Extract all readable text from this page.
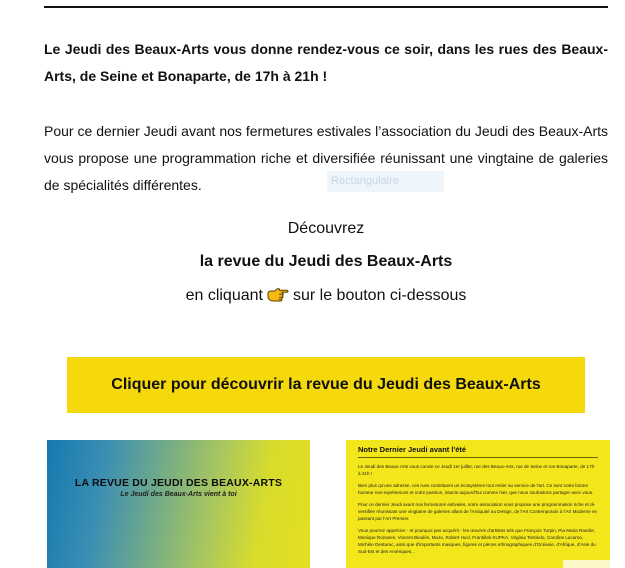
Le Jeudi des Beaux-Arts vous donne rendez-vous ce soir, dans les rues des Beaux-Arts, de Seine et Bonaparte, de 17h à 21h !

Pour ce dernier Jeudi avant nos fermetures estivales l’association du Jeudi des Beaux-Arts vous propose une programmation riche et diversifiée réunissant une vingtaine de galeries de spécialités différentes.	Rectangulaire

Découvrez

la revue du Jeudi des Beaux-Arts

en cliquant sur le bouton ci-dessous

Cliquer pour découvrir la revue du Jeudi des Beaux-Arts
LA REVUE DU JEUDI DES BEAUX-ARTS
Le Jeudi des Beaux-Arts vient à toi
Notre Dernier Jeudi avant l'été

Le Jeudi des Beaux-Arts vous convie ce Jeudi 1er juillet, rue des Beaux-Arts, rue de Seine et rue Bonaparte, de 17h à 21h !

Bien plus qu'une adresse, ces rues constituent un écosystème tout entier au service de l'art. Ce sont notre bonne humeur nos expériences et notre passion, intacts aujourd'hui comme hier, que nous souhaitons partager avec vous.

Pour ce dernier Jeudi avant nos fermetures estivales, notre association vous propose une programmation riche et di-versifiée réunissant une vingtaine de galeries allant de l'Antiquité au Design, de l'Art Contemporain à l'Art Moderne en passant par l'Art Premier.

Vous pourrez apprécier - et pourquoi pas acquérir - les œuvres d'artistes tels que François Turpin, Pia Maria Raeder, Monique Rozanes, Vincent Bioulès, Muzo, Robert Hucl, František KUPKA, Virginia Tentindo, Caroline Lacarno, Michèle Destarac, ainsi que d'importants masques, figures et pièces ethnographiques d'Océanie, d'Afrique, d'Asie du Sud-Est et des Amériques...
